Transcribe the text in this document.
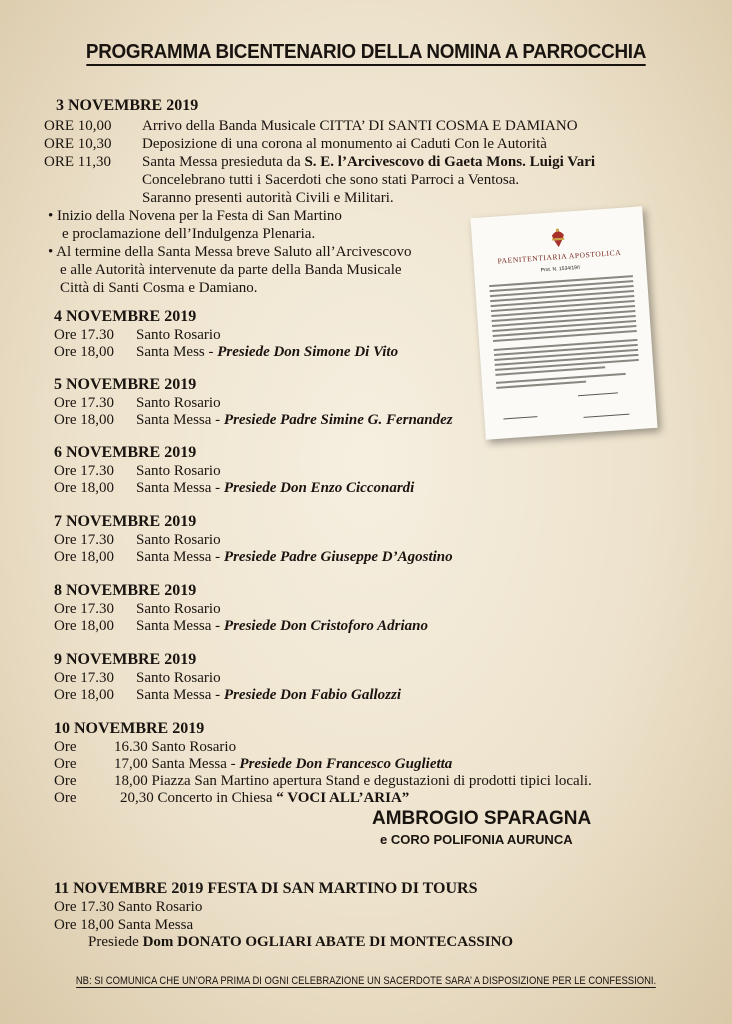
PROGRAMMA BICENTENARIO DELLA NOMINA A PARROCCHIA
3 NOVEMBRE 2019
ORE 10,00 Arrivo della Banda Musicale CITTA’ DI SANTI COSMA E DAMIANO
ORE 10,30 Deposizione di una corona al monumento ai Caduti Con le Autorità
ORE 11,30 Santa Messa presieduta da S. E. l’Arcivescovo di Gaeta Mons. Luigi Vari
Concelebrano tutti i Sacerdoti che sono stati Parroci a Ventosa.
Saranno presenti autorità Civili e Militari.
• Inizio della Novena per la Festa di San Martino
e proclamazione dell’Indulgenza Plenaria.
• Al termine della Santa Messa breve Saluto all’Arcivescovo
e alle Autorità intervenute da parte della Banda Musicale
Città di Santi Cosma e Damiano.
4 NOVEMBRE 2019
Ore 17.30 Santo Rosario
Ore 18,00 Santa Mess - Presiede Don Simone Di Vito
5 NOVEMBRE 2019
Ore 17.30 Santo Rosario
Ore 18,00 Santa Messa - Presiede Padre Simine G. Fernandez
6 NOVEMBRE 2019
Ore 17.30 Santo Rosario
Ore 18,00 Santa Messa - Presiede Don Enzo Cicconardi
7 NOVEMBRE 2019
Ore 17.30 Santo Rosario
Ore 18,00 Santa Messa - Presiede Padre Giuseppe D’Agostino
8 NOVEMBRE 2019
Ore 17.30 Santo Rosario
Ore 18,00 Santa Messa - Presiede Don Cristoforo Adriano
9 NOVEMBRE 2019
Ore 17.30 Santo Rosario
Ore 18,00 Santa Messa - Presiede Don Fabio Gallozzi
10 NOVEMBRE 2019
Ore	16.30 Santo Rosario
Ore	17,00 Santa Messa - Presiede Don Francesco Guglietta
Ore	18,00 Piazza San Martino apertura Stand e degustazioni di prodotti tipici locali.
Ore	20,30 Concerto in Chiesa “ VOCI ALL’ARIA”
AMBROGIO SPARAGNA
e CORO POLIFONIA AURUNCA
11 NOVEMBRE 2019 FESTA DI SAN MARTINO DI TOURS
Ore 17.30 Santo Rosario
Ore 18,00 Santa Messa
Presiede Dom DONATO OGLIARI ABATE DI MONTECASSINO
NB: SI COMUNICA CHE UN’ORA PRIMA DI OGNI CELEBRAZIONE UN SACERDOTE SARA’ A DISPOSIZIONE PER LE CONFESSIONI.
PAENITENTIARIA APOSTOLICA
Prot. N. 1534/19/I
